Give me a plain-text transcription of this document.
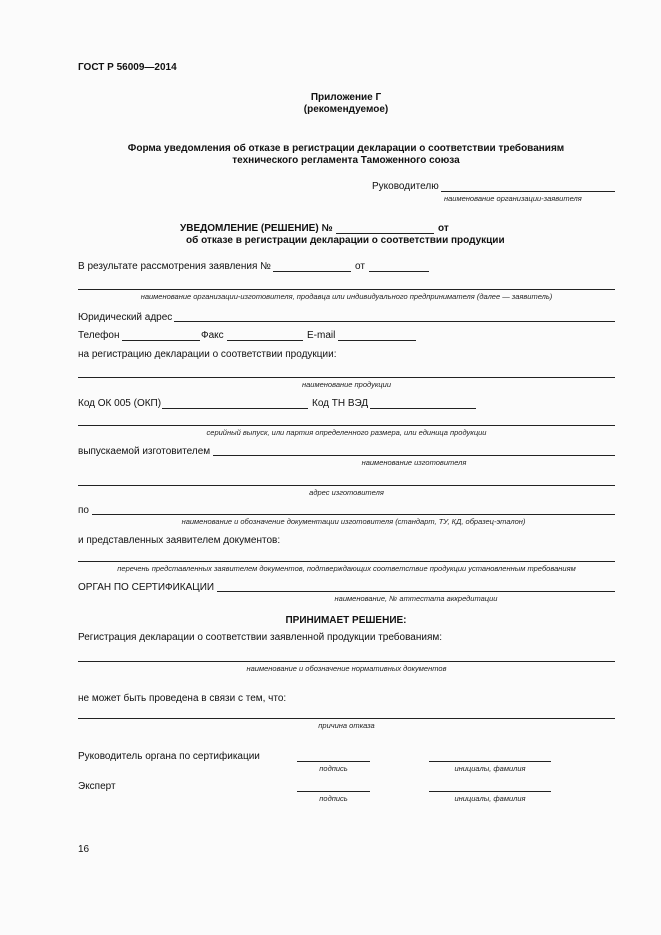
ГОСТ Р 56009—2014
Приложение Г
(рекомендуемое)
Форма уведомления об отказе в регистрации декларации о соответствии требованиям
технического регламента Таможенного союза
Руководителю
наименование организации-заявителя
УВЕДОМЛЕНИЕ (РЕШЕНИЕ) №	от
об отказе в регистрации декларации о соответствии продукции
В результате рассмотрения заявления №	от
наименование организации-изготовителя, продавца или индивидуального предпринимателя (далее — заявитель)
Юридический адрес
Телефон	Факс	E-mail
на регистрацию декларации о соответствии продукции:
наименование продукции
Код ОК 005 (ОКП)	Код ТН ВЭД
серийный выпуск, или партия определенного размера, или единица продукции
выпускаемой изготовителем
наименование изготовителя
адрес изготовителя
по
наименование и обозначение документации изготовителя (стандарт, ТУ, КД, образец-эталон)
и представленных заявителем документов:
перечень представленных заявителем документов, подтверждающих соответствие продукции установленным требованиям
ОРГАН ПО СЕРТИФИКАЦИИ
наименование, № аттестата аккредитации
ПРИНИМАЕТ РЕШЕНИЕ:
Регистрация декларации о соответствии заявленной продукции требованиям:
наименование и обозначение нормативных документов
не может быть проведена в связи с тем, что:
причина отказа
Руководитель органа по сертификации
подпись	инициалы, фамилия
Эксперт
подпись	инициалы, фамилия
16
